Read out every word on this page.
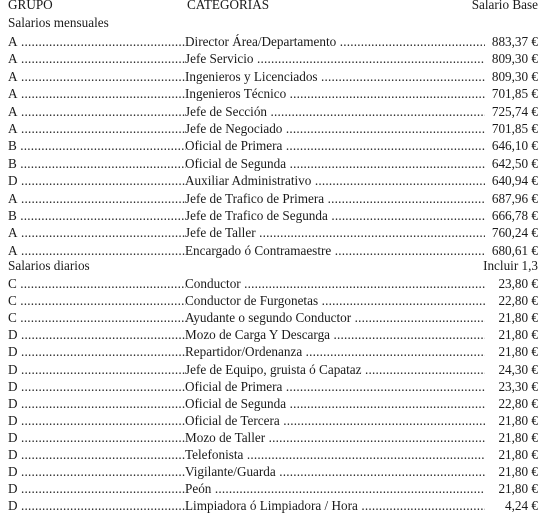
GRUPO	CATEGORIAS	Salario Base
Salarios mensuales
A .....	Director Área/Departamento .....	883,37 €
A .....	Jefe Servicio .....	809,30 €
A .....	Ingenieros y Licenciados .....	809,30 €
A .....	Ingenieros Técnico .....	701,85 €
A .....	Jefe de Sección .....	725,74 €
A .....	Jefe de Negociado .....	701,85 €
B .....	Oficial de Primera .....	646,10 €
B .....	Oficial de Segunda .....	642,50 €
D .....	Auxiliar Administrativo .....	640,94 €
A .....	Jefe de Trafico de Primera .....	687,96 €
B .....	Jefe de Trafico de Segunda .....	666,78 €
A .....	Jefe de Taller .....	760,24 €
A .....	Encargado ó Contramaestre .....	680,61 €
Salarios diarios	Incluir 1,3
C .....	Conductor .....	23,80 €
C .....	Conductor de Furgonetas .....	22,80 €
C .....	Ayudante o segundo Conductor .....	21,80 €
D .....	Mozo de Carga Y Descarga .....	21,80 €
D .....	Repartidor/Ordenanza .....	21,80 €
D .....	Jefe de Equipo, gruista ó Capataz .....	24,30 €
D .....	Oficial de Primera .....	23,30 €
D .....	Oficial de Segunda .....	22,80 €
D .....	Oficial de Tercera .....	21,80 €
D .....	Mozo de Taller .....	21,80 €
D .....	Telefonista .....	21,80 €
D .....	Vigilante/Guarda .....	21,80 €
D .....	Peón .....	21,80 €
D .....	Limpiadora ó Limpiadora / Hora .....	4,24 €
